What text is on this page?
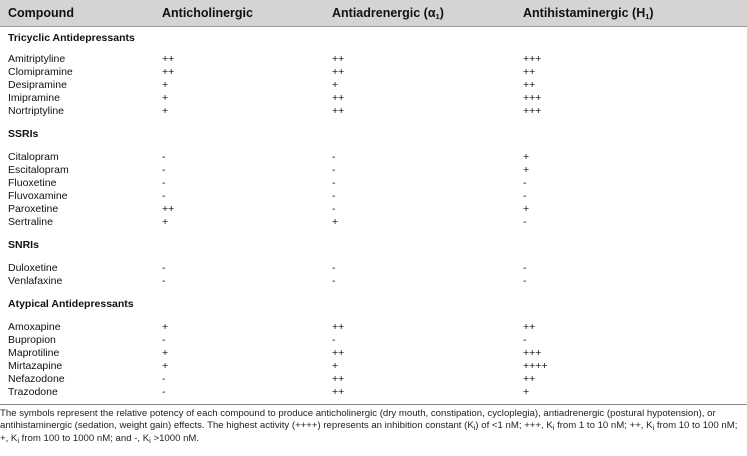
Compound	Anticholinergic	Antiadrenergic $(\alpha_1)$	Antihistaminergic $(H_1)$
Tricyclic Antidepressants
Amitriptyline	++	++	+++
Clomipramine	++	++	++
Desipramine	+	+	++
Imipramine	+	++	+++
Nortriptyline	+	++	+++
SSRIs
Citalopram	-	-	+
Escitalopram	-	-	+
Fluoxetine	-	-	-
Fluvoxamine	-	-	-
Paroxetine	++	-	+
Sertraline	+	+	-
SNRIs
Duloxetine	-	-	-
Venlafaxine	-	-	-
Atypical Antidepressants
Amoxapine	+	++	++
Bupropion	-	-	-
Maprotiline	+	++	+++
Mirtazapine	+	+	++++
Nefazodone	-	++	++
Trazodone	-	++	+
The symbols represent the relative potency of each compound to produce anticholinergic (dry mouth, constipation, cycloplegia), antiadrenergic (postural hypotension), or antihistaminergic (sedation, weight gain) effects. The highest activity (++++) represents an inhibition constant $(K_i)$ of <1 nM; +++, $K_i$ from 1 to 10 nM; ++, $K_i$ from 10 to 100 nM; +, $K_i$ from 100 to 1000 nM; and -, $K_i >1000$ nM.
